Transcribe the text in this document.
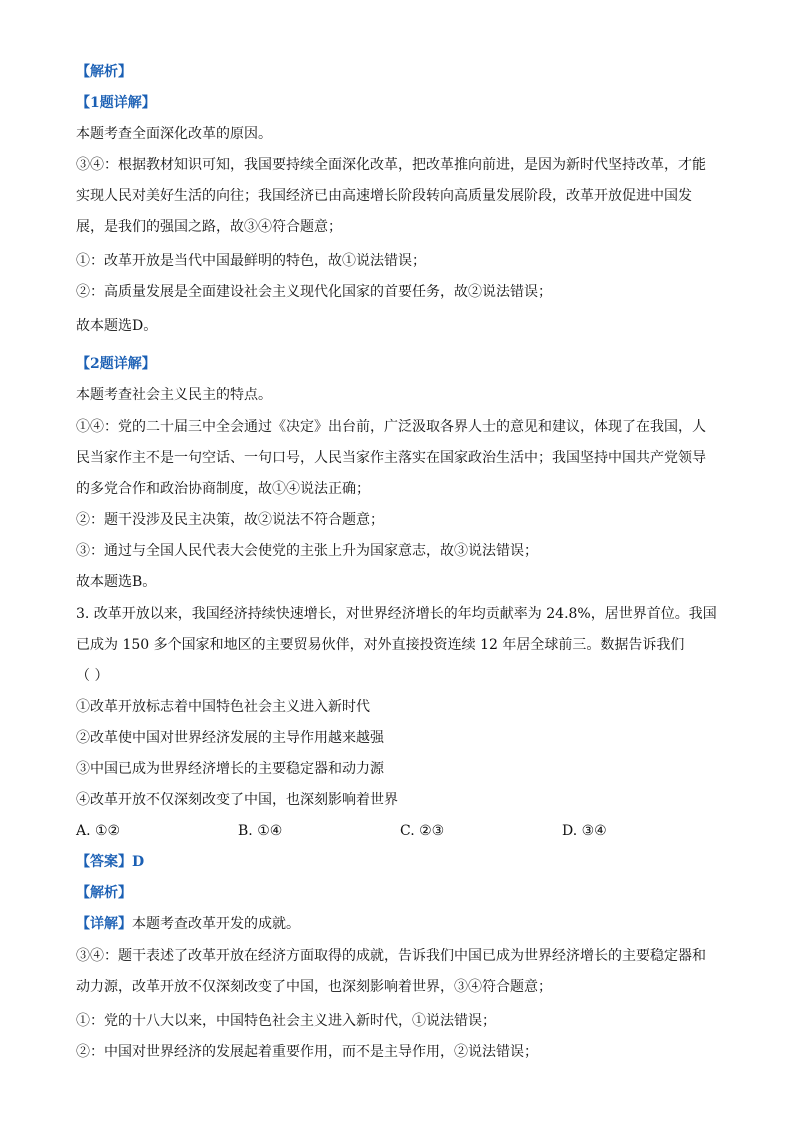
【解析】
【1题详解】
本题考查全面深化改革的原因。
③④：根据教材知识可知，我国要持续全面深化改革，把改革推向前进，是因为新时代坚持改革，才能
实现人民对美好生活的向往；我国经济已由高速增长阶段转向高质量发展阶段，改革开放促进中国发
展，是我们的强国之路，故③④符合题意；
①：改革开放是当代中国最鲜明的特色，故①说法错误；
②：高质量发展是全面建设社会主义现代化国家的首要任务，故②说法错误；
故本题选D。
【2题详解】
本题考查社会主义民主的特点。
①④：党的二十届三中全会通过《决定》出台前，广泛汲取各界人士的意见和建议，体现了在我国，人
民当家作主不是一句空话、一句口号，人民当家作主落实在国家政治生活中；我国坚持中国共产党领导
的多党合作和政治协商制度，故①④说法正确；
②：题干没涉及民主决策，故②说法不符合题意；
③：通过与全国人民代表大会使党的主张上升为国家意志，故③说法错误；
故本题选B。
3. 改革开放以来，我国经济持续快速增长，对世界经济增长的年均贡献率为 24.8%，居世界首位。我国
已成为 150 多个国家和地区的主要贸易伙伴，对外直接投资连续 12 年居全球前三。数据告诉我们
（ ）
①改革开放标志着中国特色社会主义进入新时代
②改革使中国对世界经济发展的主导作用越来越强
③中国已成为世界经济增长的主要稳定器和动力源
④改革开放不仅深刻改变了中国，也深刻影响着世界
A. ①②	B. ①④	C. ②③	D. ③④
【答案】D
【解析】
【详解】本题考查改革开发的成就。
③④：题干表述了改革开放在经济方面取得的成就，告诉我们中国已成为世界经济增长的主要稳定器和
动力源，改革开放不仅深刻改变了中国，也深刻影响着世界，③④符合题意；
①：党的十八大以来，中国特色社会主义进入新时代，①说法错误；
②：中国对世界经济的发展起着重要作用，而不是主导作用，②说法错误；
